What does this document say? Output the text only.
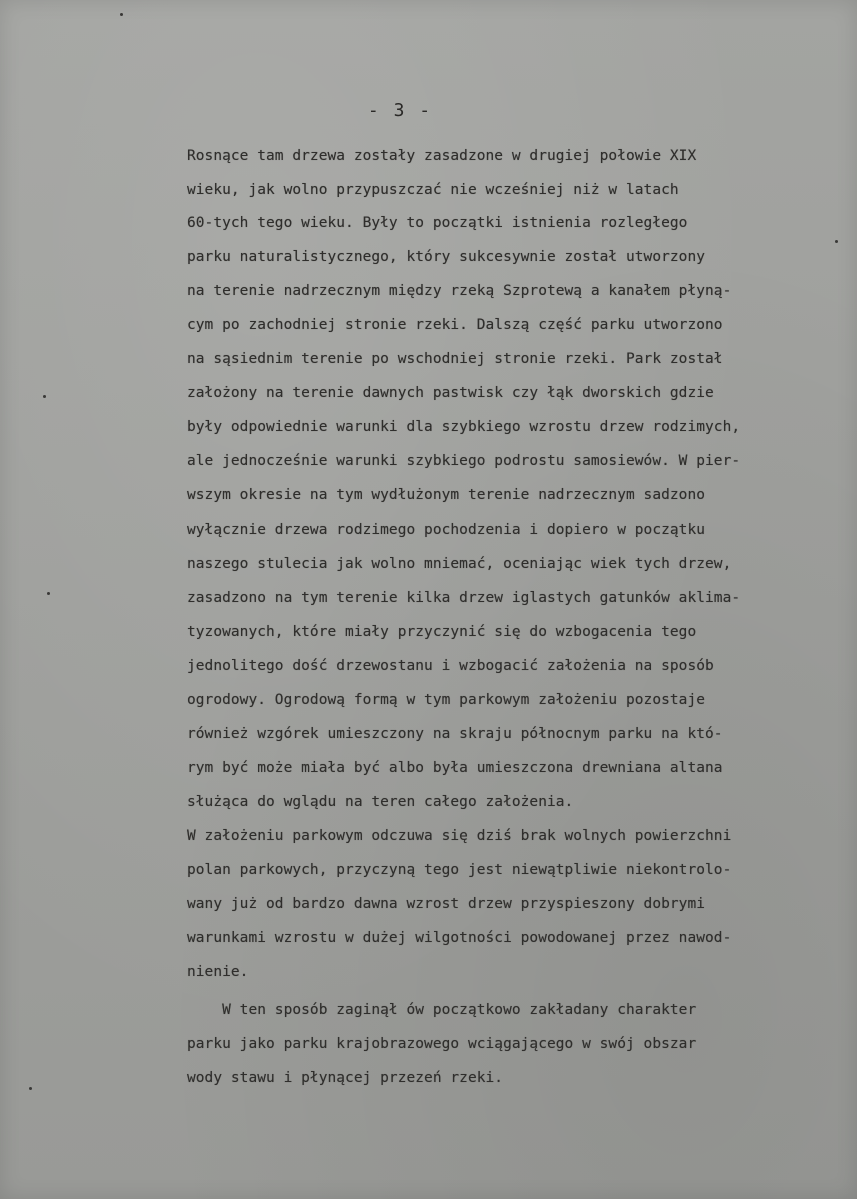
- 3 -

Rosnące tam drzewa zostały zasadzone w drugiej połowie XIX

wieku, jak wolno przypuszczać nie wcześniej niż w latach

60-tych tego wieku. Były to początki istnienia rozległego

parku naturalistycznego, który sukcesywnie został utworzony

na terenie nadrzecznym między rzeką Szprotewą a kanałem płyną-

cym po zachodniej stronie rzeki. Dalszą część parku utworzono

na sąsiednim terenie po wschodniej stronie rzeki. Park został

założony na terenie dawnych pastwisk czy łąk dworskich gdzie

były odpowiednie warunki dla szybkiego wzrostu drzew rodzimych,

ale jednocześnie warunki szybkiego podrostu samosiewów. W pier-

wszym okresie na tym wydłużonym terenie nadrzecznym sadzono

wyłącznie drzewa rodzimego pochodzenia i dopiero w początku

naszego stulecia jak wolno mniemać, oceniając wiek tych drzew,

zasadzono na tym terenie kilka drzew iglastych gatunków aklima-

tyzowanych, które miały przyczynić się do wzbogacenia tego

jednolitego dość drzewostanu i wzbogacić założenia na sposób

ogrodowy. Ogrodową formą w tym parkowym założeniu pozostaje

również wzgórek umieszczony na skraju północnym parku na któ-

rym być może miała być albo była umieszczona drewniana altana

służąca do wglądu na teren całego założenia.

W założeniu parkowym odczuwa się dziś brak wolnych powierzchni

polan parkowych, przyczyną tego jest niewątpliwie niekontrolo-

wany już od bardzo dawna wzrost drzew przyspieszony dobrymi

warunkami wzrostu w dużej wilgotności powodowanej przez nawod-

nienie.

W ten sposób zaginął ów początkowo zakładany charakter

parku jako parku krajobrazowego wciągającego w swój obszar

wody stawu i płynącej przezeń rzeki.
